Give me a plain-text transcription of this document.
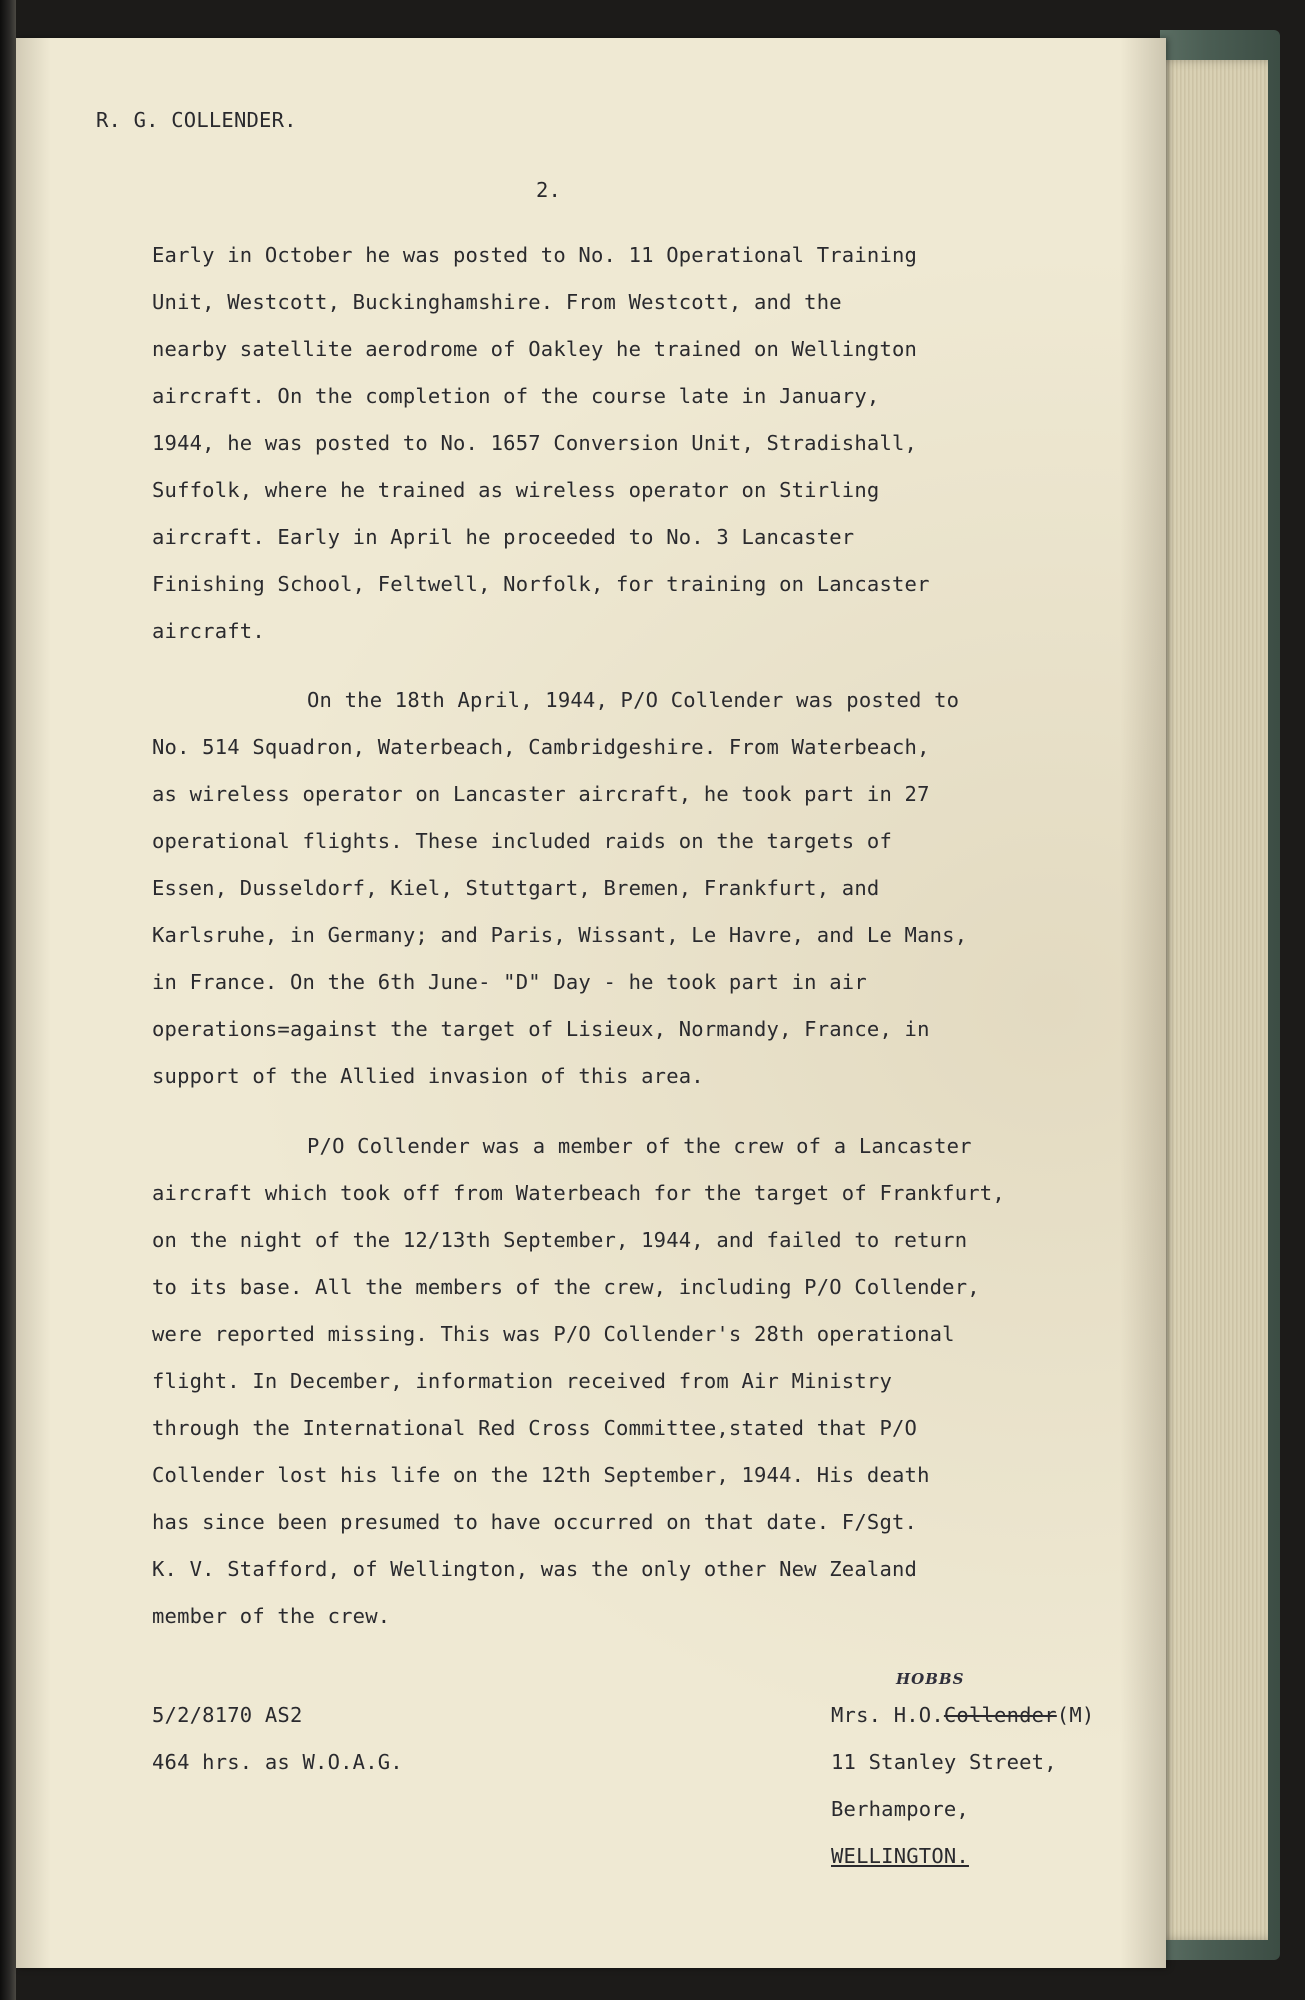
R. G. COLLENDER.
2.
Early in October he was posted to No. 11 Operational Training
Unit, Westcott, Buckinghamshire. From Westcott, and the
nearby satellite aerodrome of Oakley he trained on Wellington
aircraft. On the completion of the course late in January,
1944, he was posted to No. 1657 Conversion Unit, Stradishall,
Suffolk, where he trained as wireless operator on Stirling
aircraft. Early in April he proceeded to No. 3 Lancaster
Finishing School, Feltwell, Norfolk, for training on Lancaster
aircraft.
On the 18th April, 1944, P/O Collender was posted to
No. 514 Squadron, Waterbeach, Cambridgeshire. From Waterbeach,
as wireless operator on Lancaster aircraft, he took part in 27
operational flights. These included raids on the targets of
Essen, Dusseldorf, Kiel, Stuttgart, Bremen, Frankfurt, and
Karlsruhe, in Germany; and Paris, Wissant, Le Havre, and Le Mans,
in France. On the 6th June- "D" Day - he took part in air
operations=against the target of Lisieux, Normandy, France, in
support of the Allied invasion of this area.
P/O Collender was a member of the crew of a Lancaster
aircraft which took off from Waterbeach for the target of Frankfurt,
on the night of the 12/13th September, 1944, and failed to return
to its base. All the members of the crew, including P/O Collender,
were reported missing. This was P/O Collender's 28th operational
flight. In December, information received from Air Ministry
through the International Red Cross Committee,stated that P/O
Collender lost his life on the 12th September, 1944. His death
has since been presumed to have occurred on that date. F/Sgt.
K. V. Stafford, of Wellington, was the only other New Zealand
member of the crew.
5/2/8170 AS2
464 hrs. as W.O.A.G.
HOBBS
Mrs. H.O.Collender(M)
11 Stanley Street,
Berhampore,
WELLINGTON.
